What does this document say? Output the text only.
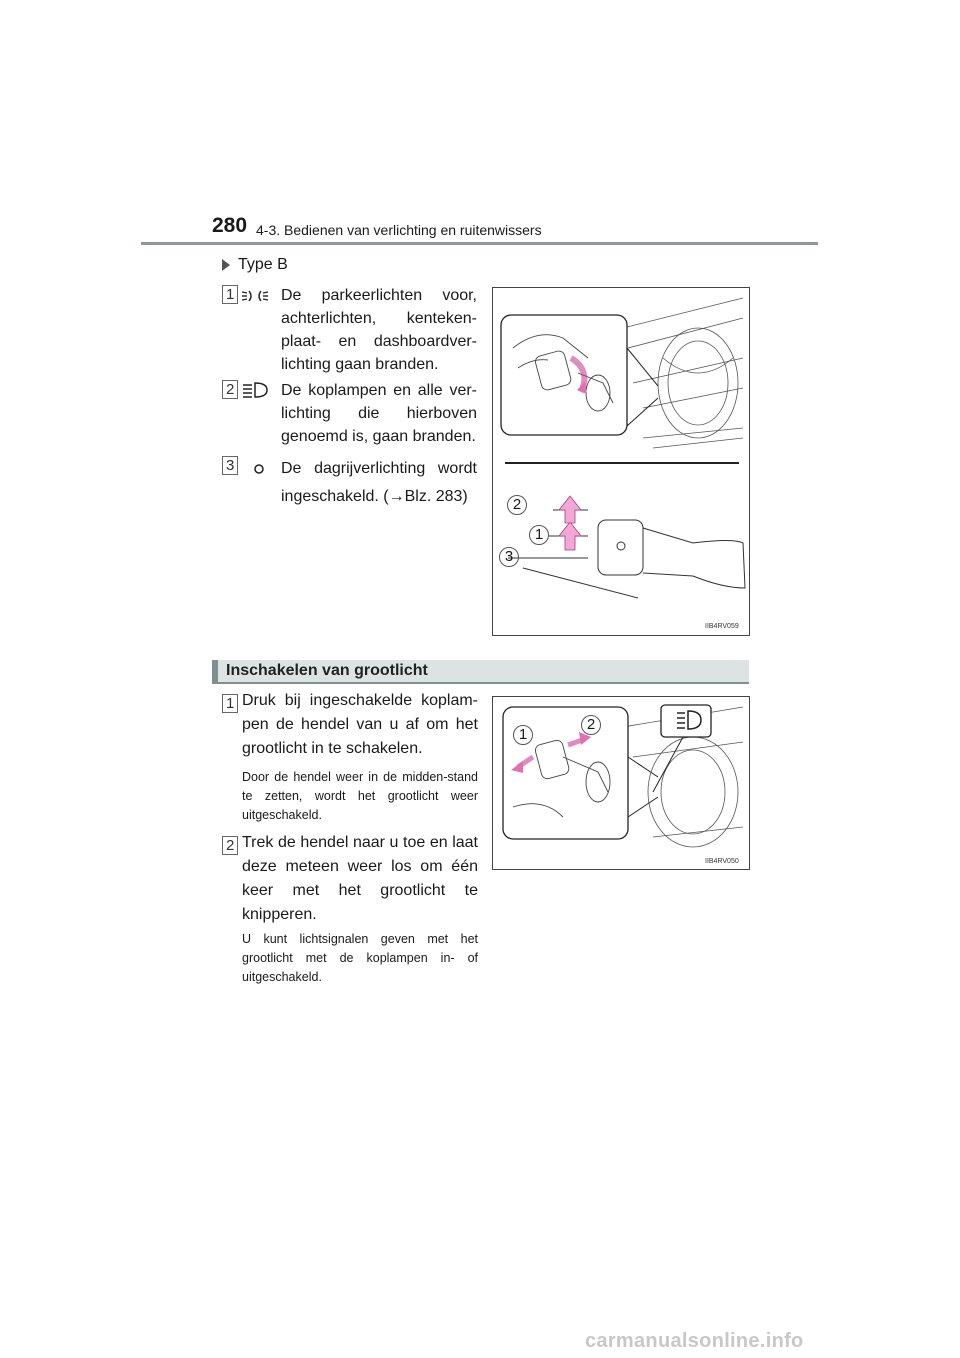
280 4-3. Bedienen van verlichting en ruitenwissers
Type B
1	De parkeerlichten voor, achterlichten, kenteken-plaat- en dashboardver-lichting gaan branden.
2	De koplampen en alle ver-lichting die hierboven genoemd is, gaan branden.
3	De dagrijverlichting wordt ingeschakeld. (→Blz. 283)	2
1
3
IIB4RV059
Inschakelen van grootlicht
1 Druk bij ingeschakelde koplam-pen de hendel van u af om het grootlicht in te schakelen.
Door de hendel weer in de midden-stand te zetten, wordt het grootlicht weer uitgeschakeld.
2 Trek de hendel naar u toe en laat deze meteen weer los om één keer met het grootlicht te knipperen.
U kunt lichtsignalen geven met het grootlicht met de koplampen in- of uitgeschakeld.
1
2
IIB4RV050
carmanualsonline.info
